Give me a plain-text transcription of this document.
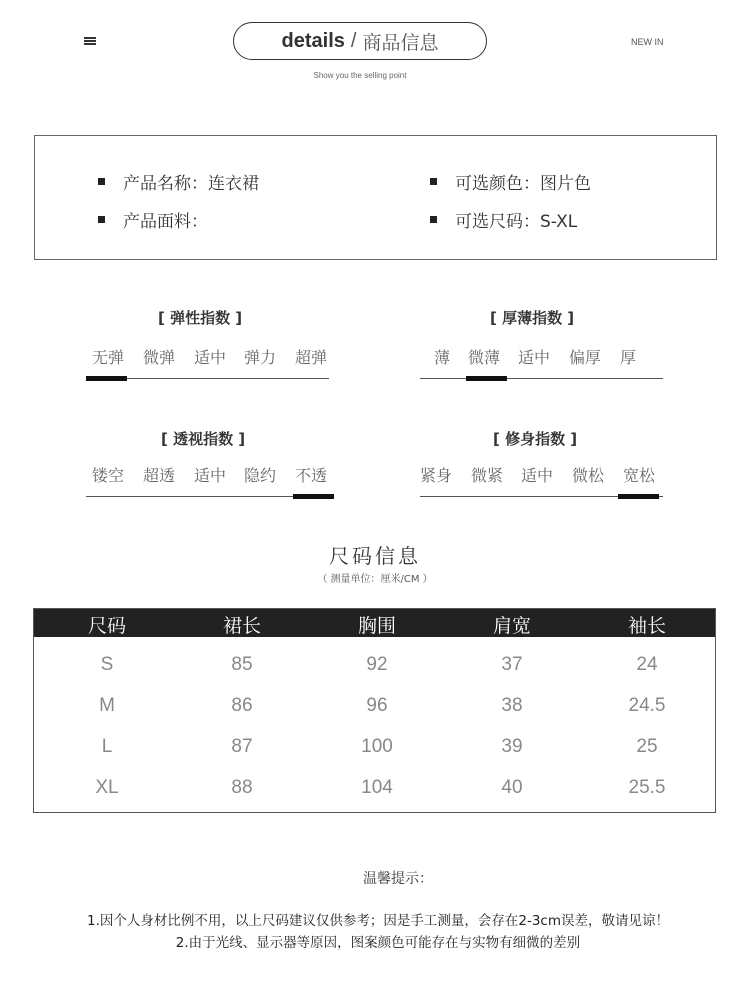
details / 商品信息
Show you the selling point
NEW IN
产品名称：连衣裙
产品面料：
可选颜色：图片色
可选尺码：S-XL
[ 弹性指数 ]
无弹	微弹	适中	弹力	超弹
[ 厚薄指数 ]
薄	微薄	适中	偏厚	厚
[ 透视指数 ]
镂空	超透	适中	隐约	不透
[ 修身指数 ]
紧身	微紧	适中	微松	宽松
尺码信息
（ 测量单位：厘米/CM ）
尺码	裙长	胸围	肩宽	袖长
S	85	92	37	24
M	86	96	38	24.5
L	87	100	39	25
XL	88	104	40	25.5
温馨提示：
1.因个人身材比例不用，以上尺码建议仅供参考；因是手工测量，会存在2-3cm误差，敬请见谅！
2.由于光线、显示器等原因，图案颜色可能存在与实物有细微的差别
